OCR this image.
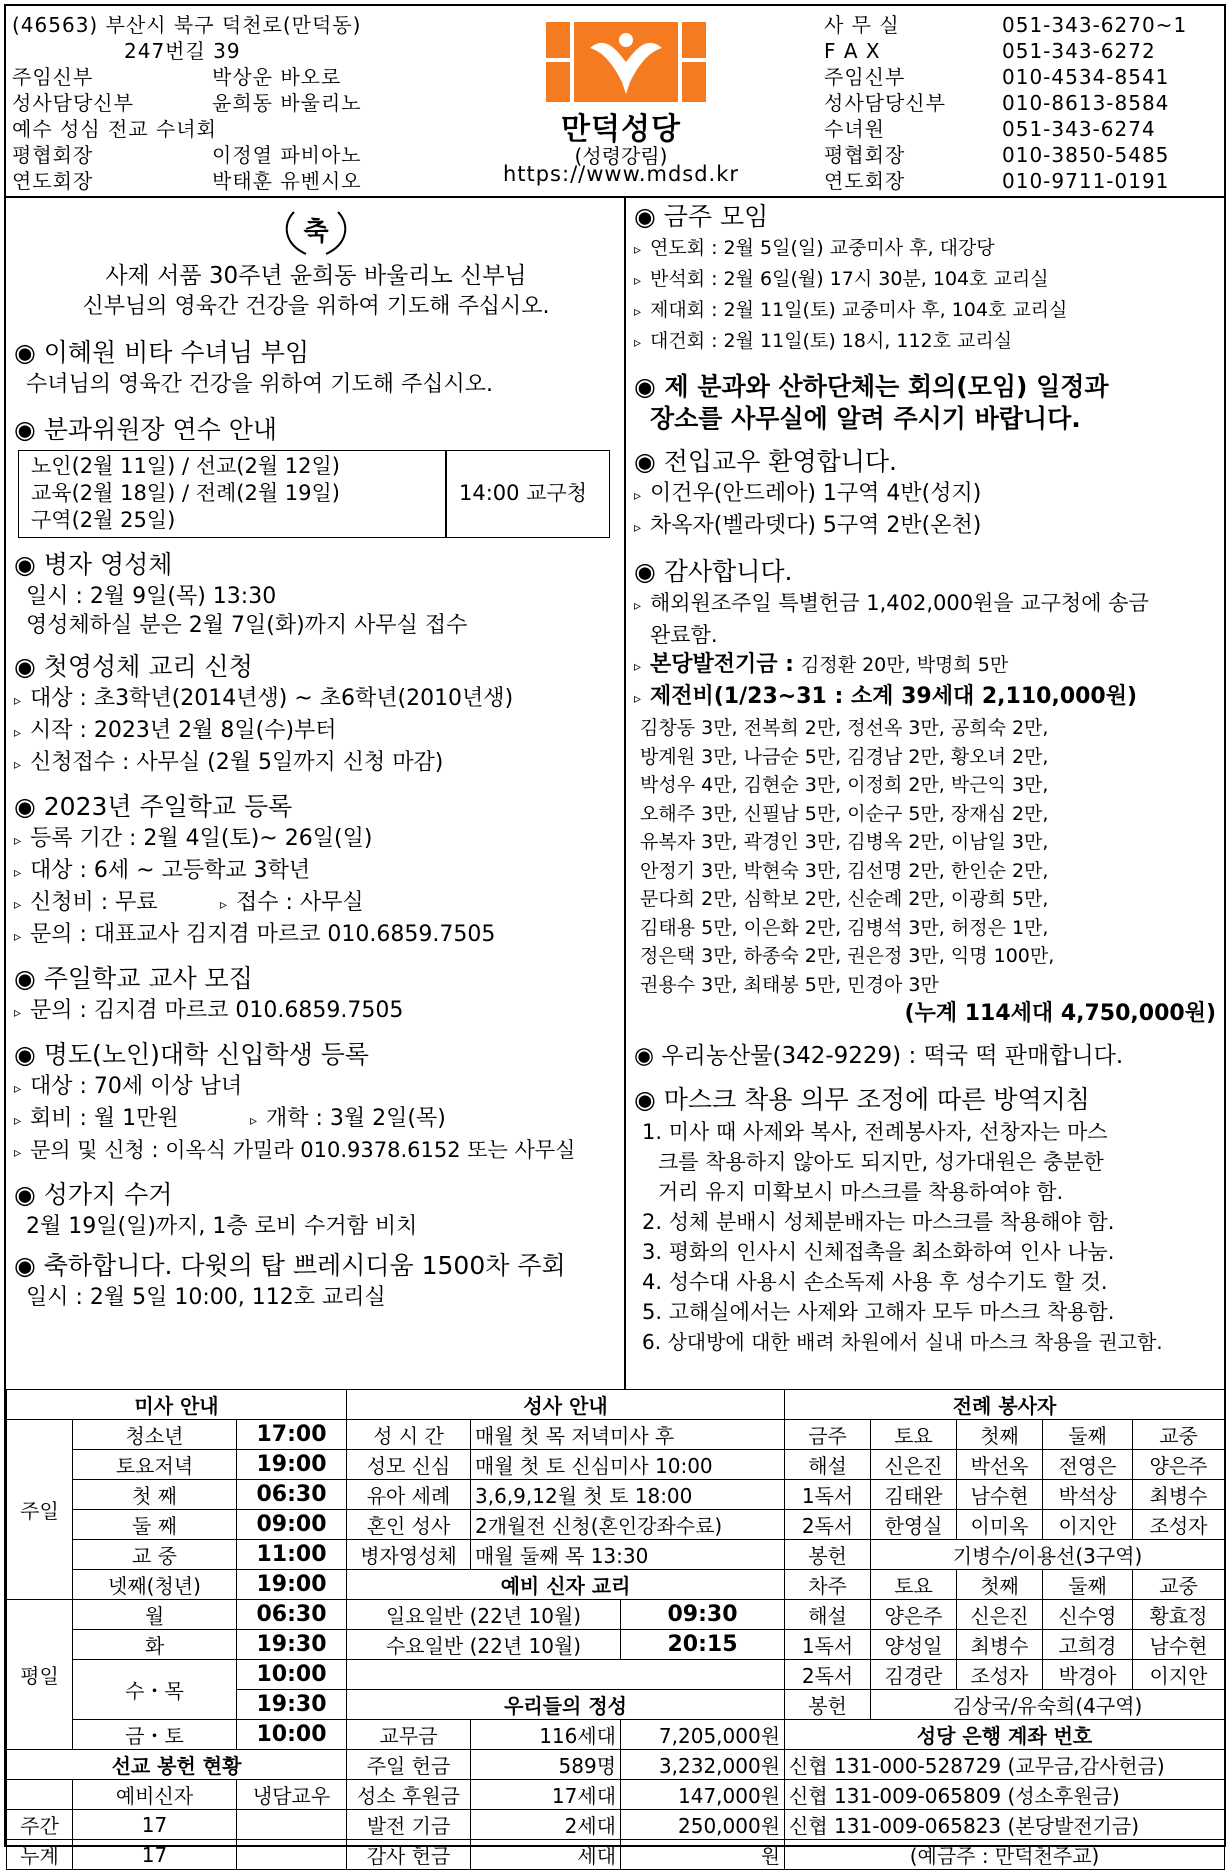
(46563) 부산시 북구 덕천로(만덕동)
247번길 39
주임신부	박상운 바오로
성사담당신부	윤희동 바울리노
예수 성심 전교 수녀회
평협회장	이정열 파비아노
연도회장	박태훈 유벤시오
만덕성당
(성령강림)
https://www.mdsd.kr
사 무 실	051-343-6270~1
F A X	051-343-6272
주임신부	010-4534-8541
성사담당신부	010-8613-8584
수녀원	051-343-6274
평협회장	010-3850-5485
연도회장	010-9711-0191
축
사제 서품 30주년 윤희동 바울리노 신부님
신부님의 영육간 건강을 위하여 기도해 주십시오.
◉ 이혜원 비타 수녀님 부임
수녀님의 영육간 건강을 위하여 기도해 주십시오.
◉ 분과위원장 연수 안내
노인(2월 11일) / 선교(2월 12일)
교육(2월 18일) / 전례(2월 19일)
구역(2월 25일)
14:00 교구청
◉ 병자 영성체
일시 : 2월 9일(목) 13:30
영성체하실 분은 2월 7일(화)까지 사무실 접수
◉ 첫영성체 교리 신청
▹ 대상 : 초3학년(2014년생) ~ 초6학년(2010년생)
▹ 시작 : 2023년 2월 8일(수)부터
▹ 신청접수 : 사무실 (2월 5일까지 신청 마감)
◉ 2023년 주일학교 등록
▹ 등록 기간 : 2월 4일(토)~ 26일(일)
▹ 대상 : 6세 ~ 고등학교 3학년
▹ 신청비 : 무료	▹ 접수 : 사무실
▹ 문의 : 대표교사 김지겸 마르코 010.6859.7505
◉ 주일학교 교사 모집
▹ 문의 : 김지겸 마르코 010.6859.7505
◉ 명도(노인)대학 신입학생 등록
▹ 대상 : 70세 이상 남녀
▹ 회비 : 월 1만원	▹ 개학 : 3월 2일(목)
▹ 문의 및 신청 : 이옥식 가밀라 010.9378.6152 또는 사무실
◉ 성가지 수거
2월 19일(일)까지, 1층 로비 수거함 비치
◉ 축하합니다. 다윗의 탑 쁘레시디움 1500차 주회
일시 : 2월 5일 10:00, 112호 교리실
◉ 금주 모임
▹ 연도회 : 2월 5일(일) 교중미사 후, 대강당
▹ 반석회 : 2월 6일(월) 17시 30분, 104호 교리실
▹ 제대회 : 2월 11일(토) 교중미사 후, 104호 교리실
▹ 대건회 : 2월 11일(토) 18시, 112호 교리실
◉ 제 분과와 산하단체는 회의(모임) 일정과
장소를 사무실에 알려 주시기 바랍니다.
◉ 전입교우 환영합니다.
▹ 이건우(안드레아) 1구역 4반(성지)
▹ 차옥자(벨라뎃다) 5구역 2반(온천)
◉ 감사합니다.
▹ 해외원조주일 특별헌금 1,402,000원을 교구청에 송금
완료함.
▹ 본당발전기금 : 김정환 20만, 박명희 5만
▹ 제전비(1/23~31 : 소계 39세대 2,110,000원)
김창동 3만, 전복희 2만, 정선옥 3만, 공희숙 2만,
방계원 3만, 나금순 5만, 김경남 2만, 황오녀 2만,
박성우 4만, 김현순 3만, 이정희 2만, 박근익 3만,
오해주 3만, 신필남 5만, 이순구 5만, 장재심 2만,
유복자 3만, 곽경인 3만, 김병옥 2만, 이남일 3만,
안정기 3만, 박현숙 3만, 김선명 2만, 한인순 2만,
문다희 2만, 심학보 2만, 신순례 2만, 이광희 5만,
김태용 5만, 이은화 2만, 김병석 3만, 허정은 1만,
정은택 3만, 하종숙 2만, 권은정 3만, 익명 100만,
권용수 3만, 최태봉 5만, 민경아 3만
(누계 114세대 4,750,000원)
◉ 우리농산물(342-9229) : 떡국 떡 판매합니다.
◉ 마스크 착용 의무 조정에 따른 방역지침
1. 미사 때 사제와 복사, 전례봉사자, 선창자는 마스
크를 착용하지 않아도 되지만, 성가대원은 충분한
거리 유지 미확보시 마스크를 착용하여야 함.
2. 성체 분배시 성체분배자는 마스크를 착용해야 함.
3. 평화의 인사시 신체접촉을 최소화하여 인사 나눔.
4. 성수대 사용시 손소독제 사용 후 성수기도 할 것.
5. 고해실에서는 사제와 고해자 모두 마스크 착용함.
6. 상대방에 대한 배려 차원에서 실내 마스크 착용을 권고함.
미사 안내			성사 안내			전례 봉사자				
주일	청소년	17:00	성 시 간	매월 첫 목 저녁미사 후		금주	토요	첫째	둘째	교중
	토요저녁	19:00	성모 신심	매월 첫 토 신심미사 10:00		해설	신은진	박선옥	전영은	양은주
	첫 째	06:30	유아 세례	3,6,9,12월 첫 토 18:00		1독서	김태완	남수현	박석상	최병수
	둘 째	09:00	혼인 성사	2개월전 신청(혼인강좌수료)		2독서	한영실	이미옥	이지안	조성자
	교 중	11:00	병자영성체	매월 둘째 목 13:30		봉헌	기병수/이용선(3구역)			
	넷째(청년)	19:00	예비 신자 교리			차주	토요	첫째	둘째	교중
평일	월	06:30	일요일반 (22년 10월)		09:30	해설	양은주	신은진	신수영	황효정
	화	19:30	수요일반 (22년 10월)		20:15	1독서	양성일	최병수	고희경	남수현
	수・목	10:00				2독서	김경란	조성자	박경아	이지안
		19:30	우리들의 정성			봉헌	김상국/유숙희(4구역)			
	금・토	10:00	교무금	116세대	7,205,000원	성당 은행 계좌 번호				
선교 봉헌 현황			주일 헌금	589명	3,232,000원	신협 131-000-528729 (교무금,감사헌금)				
	예비신자	냉담교우	성소 후원금	17세대	147,000원	신협 131-009-065809 (성소후원금)				
주간	17		발전 기금	2세대	250,000원	신협 131-009-065823 (본당발전기금)				
누계	17		감사 헌금	세대	원	(예금주 : 만덕천주교)				
